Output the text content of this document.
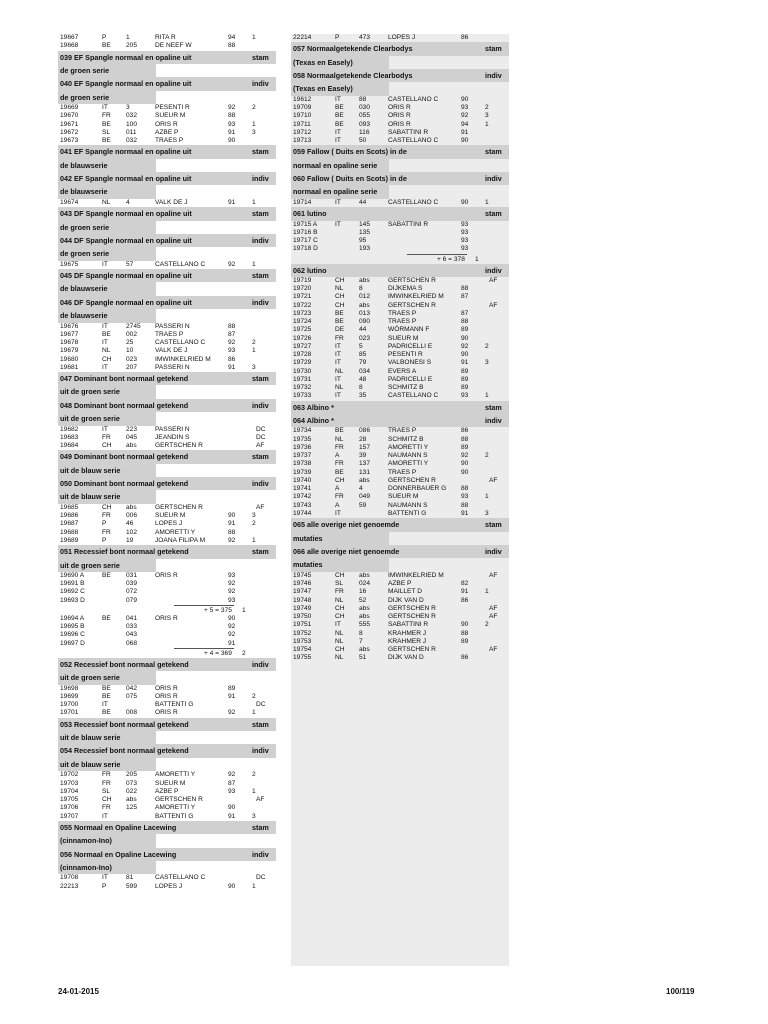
19667	P	1	RITA R	94	1
19668	BE 205	DE NEEF W	88
039 EF Spangle normaal en opaline uit	stam
de groen serie
040 EF Spangle normaal en opaline uit	indiv
de groen serie
19669	IT	3	PESENTI R	92	2
19670	FR 032	SUEUR M	88
19671	BE 100	ORIS R	93	1
19672	SL 011	AZBE P	91	3
19673	BE 032	TRAES P	90
041 EF Spangle normaal en opaline uit	stam
de blauwserie
042 EF Spangle normaal en opaline uit	indiv
de blauwserie
19674	NL 4	VALK DE J	91	1
043 DF Spangle normaal en opaline uit	stam
de groen serie
044 DF Spangle normaal en opaline uit	indiv
de groen serie
19675	IT	57	CASTELLANO C	92	1
045 DF Spangle normaal en opaline uit	stam
de blauwserie
046 DF Spangle normaal en opaline uit	indiv
de blauwserie
19676	IT	2745 PASSERI N	88
19677	BE 002	TRAES P	87
19678	IT	25	CASTELLANO C	92	2
19679	NL 10	VALK DE J	93	1
19680	CH 023	IMWINKELRIED M	86
19681	IT	207	PASSERI N	91	3
047 Dominant bont normaal getekend	stam
uit de groen serie
048 Dominant bont normaal getekend	indiv
uit de groen serie
19682	IT	223	PASSERI N	DC
19683	FR 045	JEANDIN S	DC
19684	CH abs	GERTSCHEN R	AF
049 Dominant bont normaal getekend	stam
uit de blauw serie
050 Dominant bont normaal getekend	indiv
uit de blauw serie
19685	CH abs	GERTSCHEN R	AF
19686	FR 006	SUEUR M	90	3
19687	P	46	LOPES J	91	2
19688	FR 102	AMORETTI Y	88
19689	P	19	JOANA FILIPA M	92	1
051 Recessief bont normaal getekend	stam
uit de groen serie
19690 A	BE 031	ORIS R	93
19691 B	039	92
19692 C	072	92
19693 D	079	93
+ 5 = 375 1
19694 A	BE 041	ORIS R	90
19695 B	033	92
19696 C	043	92
19697 D	068	91
+ 4 = 369 2
052 Recessief bont normaal getekend	indiv
uit de groen serie
19698	BE 042	ORIS R	89
19699	BE 075	ORIS R	91	2
19700	IT	BATTENTI G	DC
19701	BE 008	ORIS R	92	1
053 Recessief bont normaal getekend	stam
uit de blauw serie
054 Recessief bont normaal getekend	indiv
uit de blauw serie
19702	FR 205	AMORETTI Y	92	2
19703	FR 073	SUEUR M	87
19704	SL 022	AZBE P	93	1
19705	CH abs	GERTSCHEN R	AF
19706	FR 125	AMORETTI Y	90
19707	IT	BATTENTI G	91	3
055 Normaal en Opaline Lacewing	stam
(cinnamon-Ino)
056 Normaal en Opaline Lacewing	indiv
(cinnamon-Ino)
19708	IT	81	CASTELLANO C	DC
22213	P	599	LOPES J	90	1
22214	P	473	LOPES J	86
057 Normaalgetekende Clearbodys	stam
(Texas en Easely)
058 Normaalgetekende Clearbodys	indiv
(Texas en Easely)
19612	IT	88	CASTELLANO C	90
19709	BE 030	ORIS R	93	2
19710	BE 055	ORIS R	92	3
19711	BE 093	ORIS R	94	1
19712	IT	116	SABATTINI R	91
19713	IT	50	CASTELLANO C	90
059 Fallow ( Duits en Scots) in de	stam
normaal en opaline serie
060 Fallow ( Duits en Scots) in de	indiv
normaal en opaline serie
19714	IT	44	CASTELLANO C	90	1
061 lutino	stam
19715 A	IT	145	SABATTINI R	93
19716 B	135	93
19717 C	95	93
19718 D	193	93
+ 6 = 378 1
062 lutino	indiv
19719	CH abs	GERTSCHEN R	AF
19720	NL 8	DIJKEMA S	88
19721	CH 012	IMWINKELRIED M	87
19722	CH abs	GERTSCHEN R	AF
19723	BE 013	TRAES P	87
19724	BE 090	TRAES P	88
19725	DE 44	WÖRMANN F	89
19726	FR 023	SUEUR M	90
19727	IT	5	PADRICELLI E	92	2
19728	IT	85	PESENTI R	90
19729	IT	79	VALBONESI S	91	3
19730	NL 034	EVERS A	89
19731	IT	48	PADRICELLI E	89
19732	NL 8	SCHMITZ B	89
19733	IT	35	CASTELLANO C	93	1
063 Albino *	stam
064 Albino *	indiv
19734	BE 086	TRAES P	86
19735	NL 28	SCHMITZ B	88
19736	FR 157	AMORETTI Y	89
19737	A	39	NAUMANN S	92	2
19738	FR 137	AMORETTI Y	90
19739	BE 131	TRAES P	90
19740	CH abs	GERTSCHEN R	AF
19741	A	4	DONNERBAUER G 88
19742	FR 049	SUEUR M	93	1
19743	A	59	NAUMANN S	88
19744	IT	BATTENTI G	91	3
065 alle overige niet genoemde	stam
mutaties
066 alle overige niet genoemde	indiv
mutaties
19745	CH abs	IMWINKELRIED M	AF
19746	SL 024	AZBE P	82
19747	FR 16	MAILLET D	91	1
19748	NL 52	DIJK VAN D	86
19749	CH abs	GERTSCHEN R	AF
19750	CH abs	GERTSCHEN R	AF
19751	IT	555	SABATTINI R	90	2
19752	NL 8	KRAHMER J	88
19753	NL 7	KRAHMER J	89
19754	CH abs	GERTSCHEN R	AF
19755	NL 51	DIJK VAN D	86
24-01-2015	100/119
